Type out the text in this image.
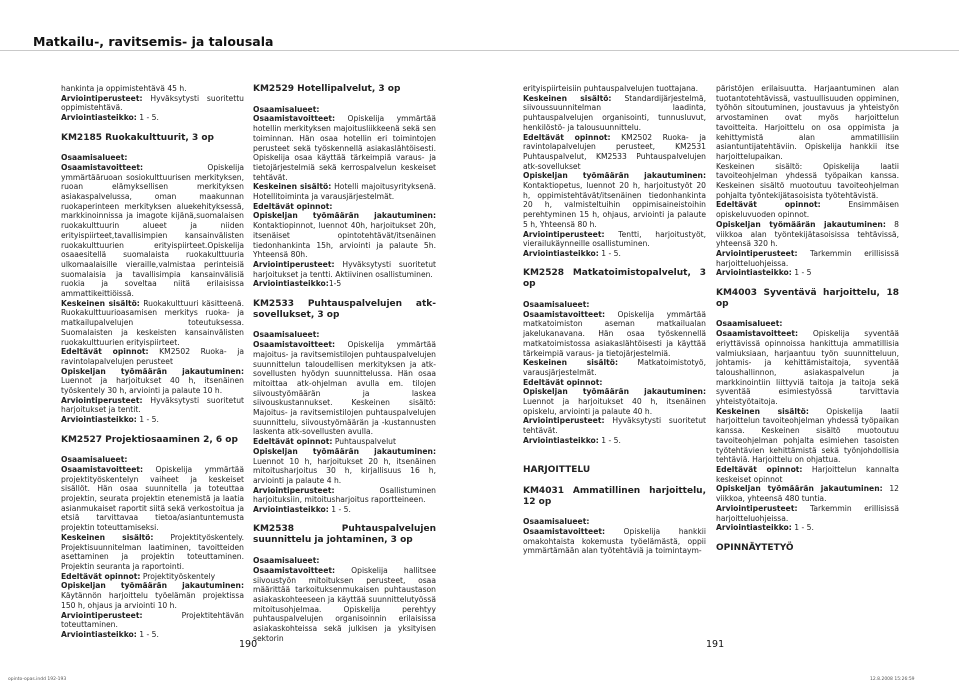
Matkailu-, ravitsemis- ja talousala

hankinta ja oppimistehtävä 45 h.

Arviointiperusteet: Hyväksytysti suoritettu oppimistehtävä.

Arviointiasteikko: 1 - 5.

KM2185 Ruokakulttuurit, 3 op

Osaamisalueet:

Osaamistavoitteet: Opiskelija ymmärtääruoan sosiokulttuurisen merkityksen, ruoan elämyksellisen merkityksen asiakaspalvelussa, oman maakunnan ruokaperinteen merkityksen aluekehityksessä, markkinoinnissa ja imagote kijänä,suomalaisen ruokakulttuurin alueet ja niiden erityispiirteet,tavallisimpien kansainvälisten ruokakulttuurien erityispiirteet.Opiskelija osaaesitellä suomalaista ruokakulttuuria ulkomaalaisille vieraille,valmistaa perinteisiä suomalaisia ja tavallisimpia kansainvälisiä ruokia ja soveltaa niitä erilaisissa ammattikeittiöissä.

Keskeinen sisältö: Ruokakulttuuri käsitteenä. Ruokakulttuurioasamisen merkitys ruoka- ja matkailupalvelujen toteutuksessa. Suomalaisten ja keskeisten kansainvälisten ruokakulttuurien erityispiirteet.

Edeltävät opinnot: KM2502 Ruoka- ja ravintolapalvelujen perusteet

Opiskeljan työmäärän jakautuminen: Luennot ja harjoitukset 40 h, itsenäinen työskentely 30 h, arviointi ja palaute 10 h.

Arviointiperusteet: Hyväksytysti suoritetut harjoitukset ja tentit.

Arviointiasteikko: 1 - 5.

KM2527 Projektiosaaminen 2, 6 op

Osaamisalueet:

Osaamistavoitteet: Opiskelija ymmärtää projektityöskentelyn vaiheet ja keskeiset sisällöt. Hän osaa suunnitella ja toteuttaa projektin, seurata projektin etenemistä ja laatia asianmukaiset raportit siitä sekä verkostoitua ja etsiä tarvittavaa tietoa/asiantuntemusta projektin toteuttamiseksi.

Keskeinen sisältö: Projektityöskentely. Projektisuunnitelman laatiminen, tavoitteiden asettaminen ja projektin toteuttaminen. Projektin seuranta ja raportointi.

Edeltävät opinnot: Projektityöskentely

Opiskeljan työmäärän jakautuminen: Käytännön harjoittelu työelämän projektissa 150 h, ohjaus ja arviointi 10 h.

Arviointiperusteet: Projektitehtävän toteuttaminen.

Arviointiasteikko: 1 - 5.

KM2529 Hotellipalvelut, 3 op

Osaamisalueet:

Osaamistavoitteet: Opiskelija ymmärtää hotellin merkityksen majoitusliikkeenä sekä sen toiminnan. Hän osaa hotellin eri toimintojen perusteet sekä työskennellä asiakaslähtöisesti. Opiskelija osaa käyttää tärkeimpiä varaus- ja tietojärjestelmiä sekä kerrospalvelun keskeiset tehtävät.

Keskeinen sisältö: Hotelli majoitusyrityksenä. Hotellitoiminta ja varausjärjestelmät.

Edeltävät opinnot:

Opiskeljan työmäärän jakautuminen: Kontaktiopinnot, luennot 40h, harjoitukset 20h, itsenäiset opintotehtävät/itsenäinen tiedonhankinta 15h, arviointi ja palaute 5h. Yhteensä 80h.

Arviointiperusteet: Hyväksytysti suoritetut harjoitukset ja tentti. Aktiivinen osallistuminen.

Arviointiasteikko:1-5

KM2533 Puhtauspalvelujen atk-sovellukset, 3 op

Osaamisalueet:

Osaamistavoitteet: Opiskelija ymmärtää majoitus- ja ravitsemistilojen puhtauspalvelujen suunnittelun taloudellisen merkityksen ja atk-sovellusten hyödyn suunnittelussa. Hän osaa mitoittaa atk-ohjelman avulla em. tilojen siivoustyömäärän ja laskea siivouskustannukset. Keskeinen sisältö: Majoitus- ja ravitsemistilojen puhtauspalvelujen suunnittelu, siivoustyömäärän ja -kustannusten laskenta atk-sovellusten avulla.

Edeltävät opinnot: Puhtauspalvelut

Opiskeljan työmäärän jakautuminen: Luennot 10 h, harjoitukset 20 h, itsenäinen mitoitusharjoitus 30 h, kirjallisuus 16 h, arviointi ja palaute 4 h.

Arviointiperusteet: Osallistuminen harjoituksiin, mitoitusharjoitus raportteineen.

Arviointiasteikko: 1 - 5.

KM2538 Puhtauspalvelujen suunnittelu ja johtaminen, 3 op

Osaamisalueet:

Osaamistavoitteet: Opiskelija hallitsee siivoustyön mitoituksen perusteet, osaa määrittää tarkoituksenmukaisen puhtaustason asiakaskohteeseen ja käyttää suunnittelutyössä mitoitusohjelmaa. Opiskelija perehtyy puhtauspalvelujen organisoinnin erilaisissa asiakaskohteissa sekä julkisen ja yksityisen sektorin

erityispiirteisiin puhtauspalvelujen tuottajana.

Keskeinen sisältö: Standardijärjestelmä, siivoussuunnitelman laadinta, puhtauspalvelujen organisointi, tunnusluvut, henkilöstö- ja talousuunnittelu.

Edeltävät opinnot: KM2502 Ruoka- ja ravintolapalvelujen perusteet, KM2531 Puhtauspalvelut, KM2533 Puhtauspalvelujen atk-sovellukset

Opiskeljan työmäärän jakautuminen: Kontaktiopetus, luennot 20 h, harjoitustyöt 20 h, oppimistehtävät/itsenäinen tiedonhankinta 20 h, valmisteltuihin oppimisaineistoihin perehtyminen 15 h, ohjaus, arviointi ja palaute 5 h, Yhteensä 80 h.

Arviointiperusteet: Tentti, harjoitustyöt, vierailukäynneille osallistuminen.

Arviointiasteikko: 1 - 5.

KM2528 Matkatoimistopalvelut, 3 op

Osaamisalueet:

Osaamistavoitteet: Opiskelija ymmärtää matkatoimiston aseman matkailualan jakelukanavana. Hän osaa työskennellä matkatoimistossa asiakaslähtöisesti ja käyttää tärkeimpiä varaus- ja tietojärjestelmiä.

Keskeinen sisältö: Matkatoimistotyö, varausjärjestelmät.

Edeltävät opinnot:

Opiskeljan työmäärän jakautuminen: Luennot ja harjoitukset 40 h, itsenäinen opiskelu, arviointi ja palaute 40 h.

Arviointiperusteet: Hyväksytysti suoritetut tehtävät.

Arviointiasteikko: 1 - 5.

HARJOITTELU

KM4031 Ammatillinen harjoittelu, 12 op

Osaamisalueet:

Osaamistavoitteet: Opiskelija hankkii omakohtaista kokemusta työelämästä, oppii ymmärtämään alan työtehtäviä ja toimintaym-

päristöjen erilaisuutta. Harjaantuminen alan tuotantotehtävissä, vastuullisuuden oppiminen, työhön sitoutuminen, joustavuus ja yhteistyön arvostaminen ovat myös harjoittelun tavoitteita. Harjoittelu on osa oppimista ja kehittymistä alan ammatillisiin asiantuntijatehtäviin. Opiskelija hankkii itse harjoittelupaikan.

Keskeinen sisältö: Opiskelija laatii tavoiteohjelman yhdessä työpaikan kanssa. Keskeinen sisältö muotoutuu tavoiteohjelman pohjalta työntekijätasoisista työtehtävistä.

Edeltävät opinnot: Ensimmäisen opiskeluvuoden opinnot.

Opiskeljan työmäärän jakautuminen: 8 viikkoa alan työntekijätasoisissa tehtävissä, yhteensä 320 h.

Arviointiperusteet: Tarkemmin erillisissä harjoitteluohjeissa.

Arviointiasteikko: 1 - 5

KM4003 Syventävä harjoittelu, 18 op

Osaamisalueet:

Osaamistavoitteet: Opiskelija syventää eriyttävissä opinnoissa hankittuja ammatillisia valmiuksiaan, harjaantuu työn suunnitteluun, johtamis- ja kehittämistaitoja, syventää taloushallinnon, asiakaspalvelun ja markkinointiin liittyviä taitoja ja taitoja sekä syventää esimiestyössä tarvittavia yhteistyötaitoja.

Keskeinen sisältö: Opiskelija laatii harjoittelun tavoiteohjelman yhdessä työpaikan kanssa. Keskeinen sisältö muotoutuu tavoiteohjelman pohjalta esimiehen tasoisten työtehtävien kehittämistä sekä työnjohdollisia tehtäviä. Harjoittelu on ohjattua.

Edeltävät opinnot: Harjoittelun kannalta keskeiset opinnot

Opiskeljan työmäärän jakautuminen: 12 viikkoa, yhteensä 480 tuntia.

Arviointiperusteet: Tarkemmin erillisissä harjoitteluohjeissa.

Arviointiasteikko: 1 - 5.

OPINNÄYTETYÖ

190	191
opinto-opas.indd 192-193	12.8.2008 15:26:59
